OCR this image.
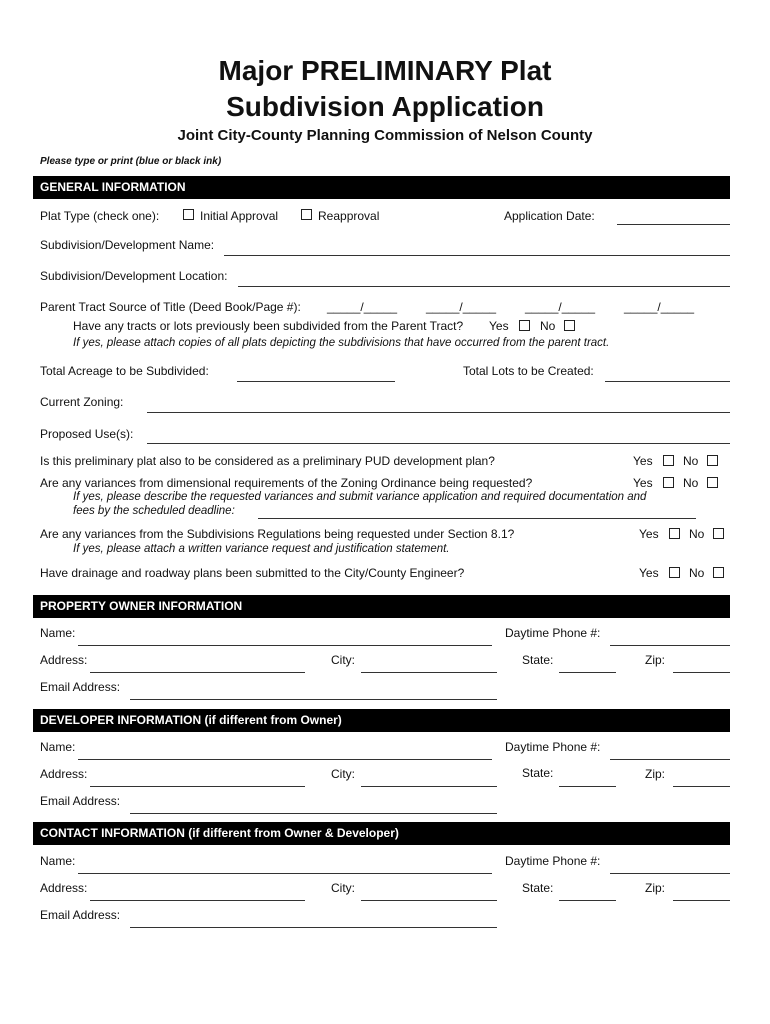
Major PRELIMINARY Plat
Subdivision Application
Joint City-County Planning Commission of Nelson County
Please type or print (blue or black ink)
GENERAL INFORMATION
Plat Type (check one):	Initial Approval	Reapproval	Application Date:
Subdivision/Development Name:
Subdivision/Development Location:
Parent Tract Source of Title (Deed Book/Page #): _____/_____ _____/_____ _____/_____ _____/_____
Have any tracts or lots previously been subdivided from the Parent Tract? Yes	No
If yes, please attach copies of all plats depicting the subdivisions that have occurred from the parent tract.
Total Acreage to be Subdivided:	Total Lots to be Created:
Current Zoning:
Proposed Use(s):
Is this preliminary plat also to be considered as a preliminary PUD development plan?	Yes	No
Are any variances from dimensional requirements of the Zoning Ordinance being requested?	Yes	No
If yes, please describe the requested variances and submit variance application and required documentation and
fees by the scheduled deadline:
Are any variances from the Subdivisions Regulations being requested under Section 8.1?	Yes	No
If yes, please attach a written variance request and justification statement.
Have drainage and roadway plans been submitted to the City/County Engineer?	Yes	No
PROPERTY OWNER INFORMATION
Name:	Daytime Phone #:
Address:	City:	State:	Zip:
Email Address:
DEVELOPER INFORMATION (if different from Owner)
Name:	Daytime Phone #:
Address:	City:	State:	Zip:
Email Address:
CONTACT INFORMATION (if different from Owner & Developer)
Name:	Daytime Phone #:
Address:	City:	State:	Zip:
Email Address:
